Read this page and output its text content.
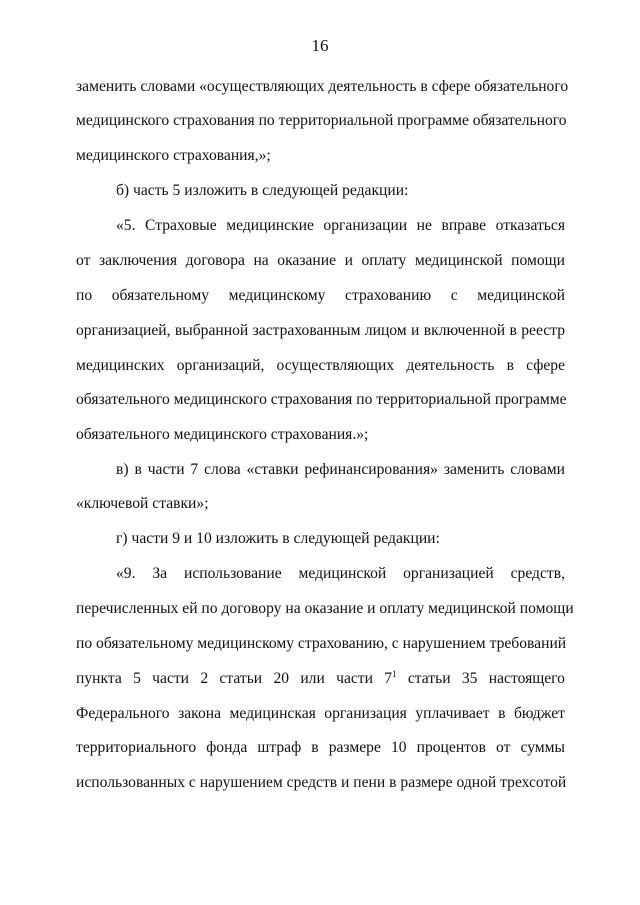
16
заменить словами «осуществляющих деятельность в сфере обязательного
медицинского страхования по территориальной программе обязательного
медицинского страхования,»;
б) часть 5 изложить в следующей редакции:
«5. Страховые медицинские организации не вправе отказаться
от заключения договора на оказание и оплату медицинской помощи
по обязательному медицинскому страхованию с медицинской
организацией, выбранной застрахованным лицом и включенной в реестр
медицинских организаций, осуществляющих деятельность в сфере
обязательного медицинского страхования по территориальной программе
обязательного медицинского страхования.»;
в) в части 7 слова «ставки рефинансирования» заменить словами
«ключевой ставки»;
г) части 9 и 10 изложить в следующей редакции:
«9. За использование медицинской организацией средств,
перечисленных ей по договору на оказание и оплату медицинской помощи
по обязательному медицинскому страхованию, с нарушением требований
пункта 5 части 2 статьи 20 или части $7^1$ статьи 35 настоящего
Федерального закона медицинская организация уплачивает в бюджет
территориального фонда штраф в размере 10 процентов от суммы
использованных с нарушением средств и пени в размере одной трехсотой
